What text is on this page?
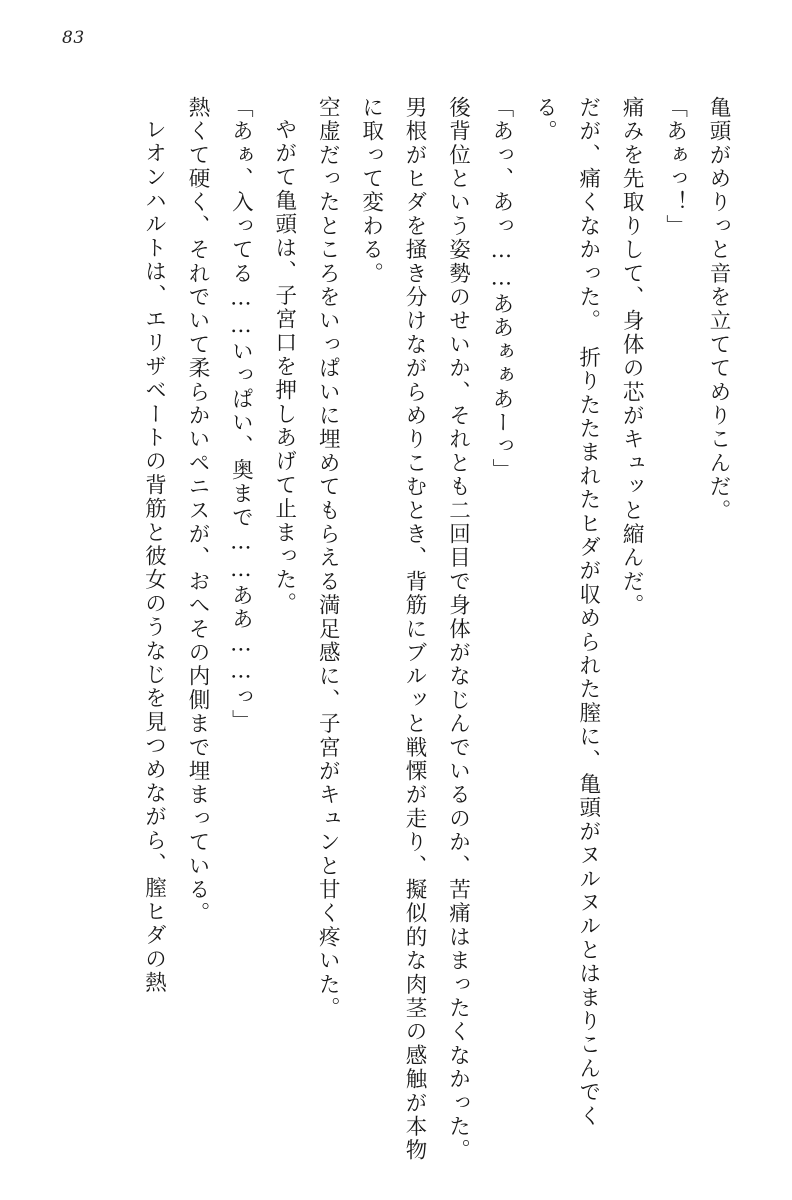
83

亀頭がめりっと音を立ててめりこんだ。

「あぁっ！」

痛みを先取りして、身体の芯がキュッと縮んだ。

だが、痛くなかった。　折りたたまれたヒダが収められた膣に、亀頭がヌルヌルとはまりこんでくる。

「あっ、あっ……ああぁぁあーっ」

後背位という姿勢のせいか、それとも二回目で身体がなじんでいるのか、苦痛はまったくなかった。

男根がヒダを掻き分けながらめりこむとき、背筋にブルッと戦慄が走り、擬似的な肉茎の感触が本物に取って変わる。

空虚だったところをいっぱいに埋めてもらえる満足感に、子宮がキュンと甘く疼いた。

やがて亀頭は、子宮口を押しあげて止まった。

「あぁ、入ってる……いっぱい、奥まで……ああ……っ」

熱くて硬く、それでいて柔らかいペニスが、おへその内側まで埋まっている。

レオンハルトは、エリザベートの背筋と彼女のうなじを見つめながら、膣ヒダの熱
